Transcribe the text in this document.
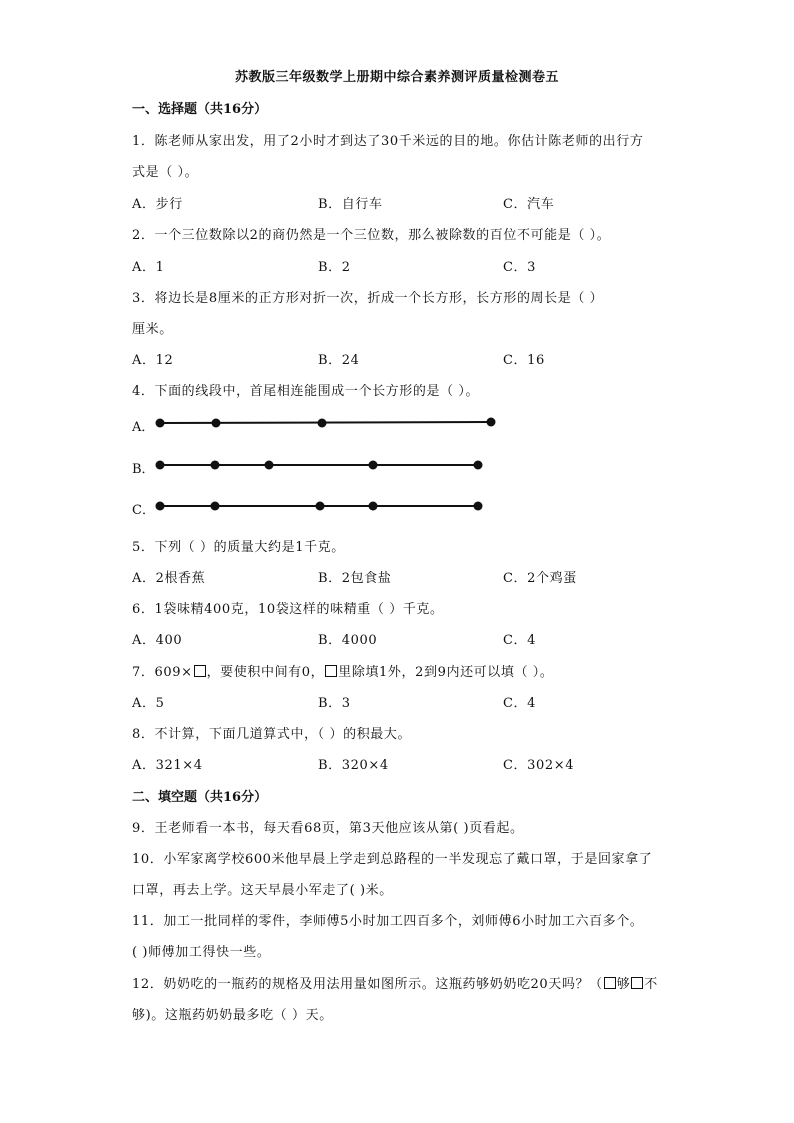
苏教版三年级数学上册期中综合素养测评质量检测卷五
一、选择题（共16分）
1．陈老师从家出发，用了2小时才到达了30千米远的目的地。你估计陈老师的出行方
式是（ ）。
A．步行	B．自行车	C．汽车
2．一个三位数除以2的商仍然是一个三位数，那么被除数的百位不可能是（ ）。
A．1	B．2	C．3
3．将边长是8厘米的正方形对折一次，折成一个长方形，长方形的周长是（ ）
厘米。
A．12	B．24	C．16
4．下面的线段中，首尾相连能围成一个长方形的是（ ）。
A．
B．
C．
5．下列（ ）的质量大约是1千克。
A．2根香蕉	B．2包食盐	C．2个鸡蛋
6．1袋味精400克，10袋这样的味精重（ ）千克。
A．400	B．4000	C．4
7．609× ，要使积中间有0， 里除填1外，2到9内还可以填（ ）。
A．5	B．3	C．4
8．不计算，下面几道算式中，（ ）的积最大。
A．321×4	B．320×4	C．302×4
二、填空题（共16分）
9．王老师看一本书，每天看68页，第3天他应该从第( )页看起。
10．小军家离学校600米他早晨上学走到总路程的一半发现忘了戴口罩，于是回家拿了
口罩，再去上学。这天早晨小军走了( )米。
11．加工一批同样的零件，李师傅5小时加工四百多个，刘师傅6小时加工六百多个。
( )师傅加工得快一些。
12．奶奶吃的一瓶药的规格及用法用量如图所示。这瓶药够奶奶吃20天吗？（ 够 不
够)。这瓶药奶奶最多吃（ ）天。
